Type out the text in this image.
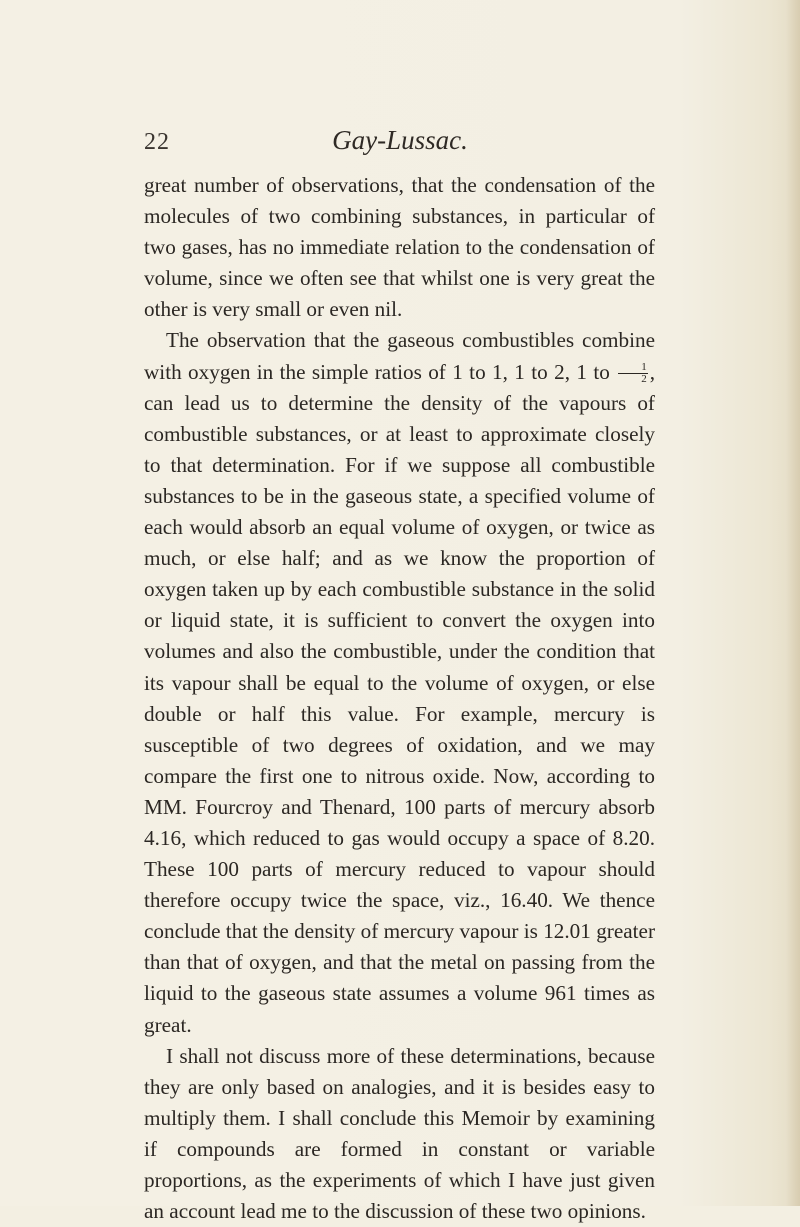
22	Gay-Lussac.

great number of observations, that the condensation of the molecules of two combining substances, in particular of two gases, has no immediate relation to the condensation of volume, since we often see that whilst one is very great the other is very small or even nil.

The observation that the gaseous combustibles combine with oxygen in the simple ratios of 1 to 1, 1 to 2, 1 to $\frac{1}{2}$ , can lead us to determine the density of the vapours of combustible substances, or at least to approximate closely to that determination. For if we suppose all combustible substances to be in the gaseous state, a specified volume of each would absorb an equal volume of oxygen, or twice as much, or else half; and as we know the proportion of oxygen taken up by each combustible substance in the solid or liquid state, it is sufficient to convert the oxygen into volumes and also the combustible, under the condition that its vapour shall be equal to the volume of oxygen, or else double or half this value. For example, mercury is susceptible of two degrees of oxidation, and we may compare the first one to nitrous oxide. Now, according to MM. Fourcroy and Thenard, 100 parts of mercury absorb 4.16, which reduced to gas would occupy a space of 8.20. These 100 parts of mercury reduced to vapour should therefore occupy twice the space, viz., 16.40. We thence conclude that the density of mercury vapour is 12.01 greater than that of oxygen, and that the metal on passing from the liquid to the gaseous state assumes a volume 961 times as great.

I shall not discuss more of these determinations, because they are only based on analogies, and it is besides easy to multiply them. I shall conclude this Memoir by examining if compounds are formed in constant or variable proportions, as the experiments of which I have just given an account lead me to the discussion of these two opinions.
